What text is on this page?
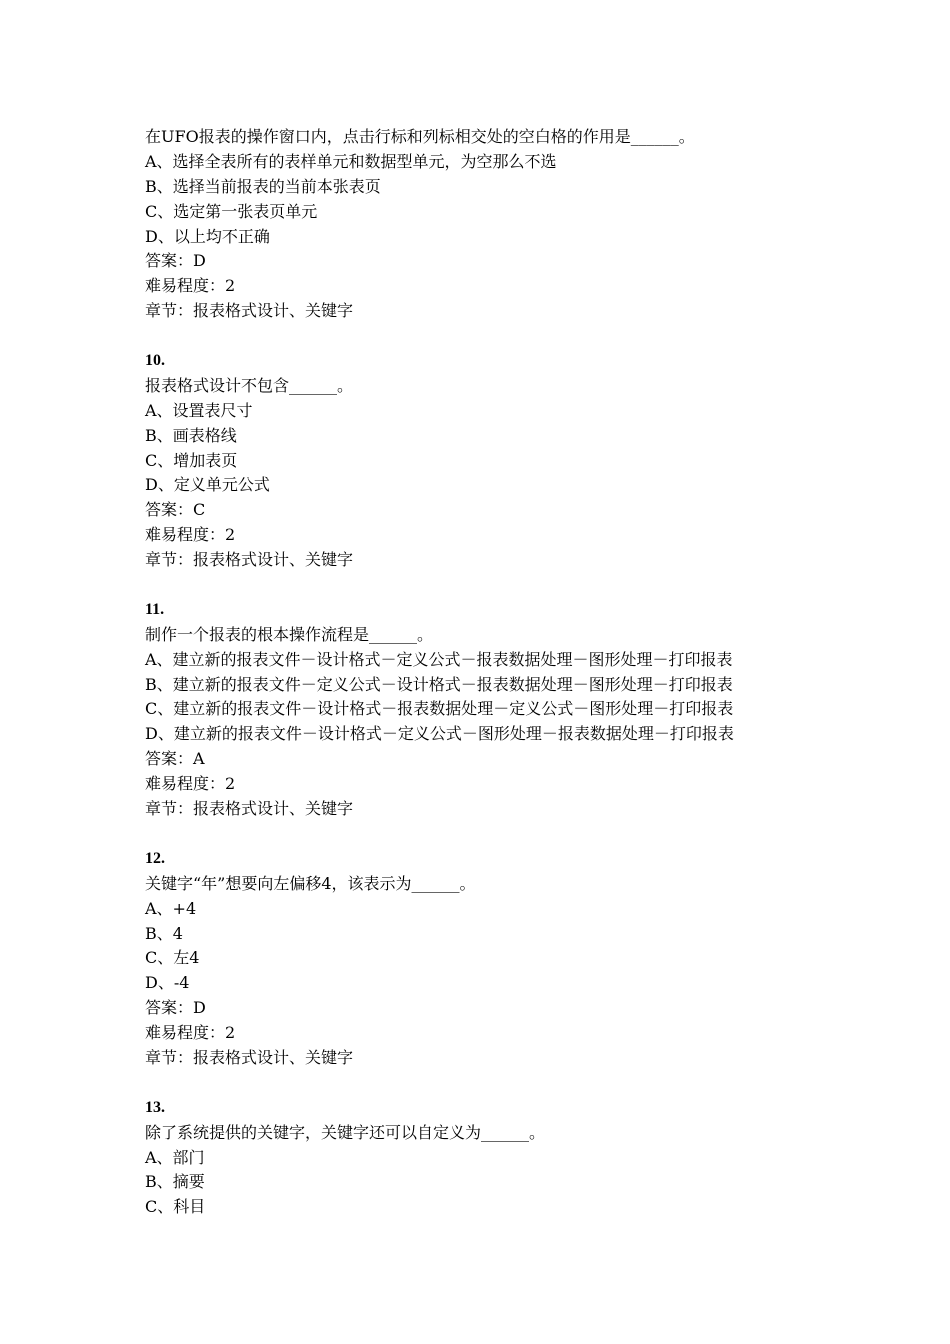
在UFO报表的操作窗口内，点击行标和列标相交处的空白格的作用是______。
A、选择全表所有的表样单元和数据型单元，为空那么不选
B、选择当前报表的当前本张表页
C、选定第一张表页单元
D、以上均不正确
答案：D
难易程度：2
章节：报表格式设计、关键字
10.
报表格式设计不包含______。
A、设置表尺寸
B、画表格线
C、增加表页
D、定义单元公式
答案：C
难易程度：2
章节：报表格式设计、关键字
11.
制作一个报表的根本操作流程是______。
A、建立新的报表文件－设计格式－定义公式－报表数据处理－图形处理－打印报表
B、建立新的报表文件－定义公式－设计格式－报表数据处理－图形处理－打印报表
C、建立新的报表文件－设计格式－报表数据处理－定义公式－图形处理－打印报表
D、建立新的报表文件－设计格式－定义公式－图形处理－报表数据处理－打印报表
答案：A
难易程度：2
章节：报表格式设计、关键字
12.
关键字“年”想要向左偏移4，该表示为______。
A、+4
B、4
C、左4
D、-4
答案：D
难易程度：2
章节：报表格式设计、关键字
13.
除了系统提供的关键字，关键字还可以自定义为______。
A、部门
B、摘要
C、科目
